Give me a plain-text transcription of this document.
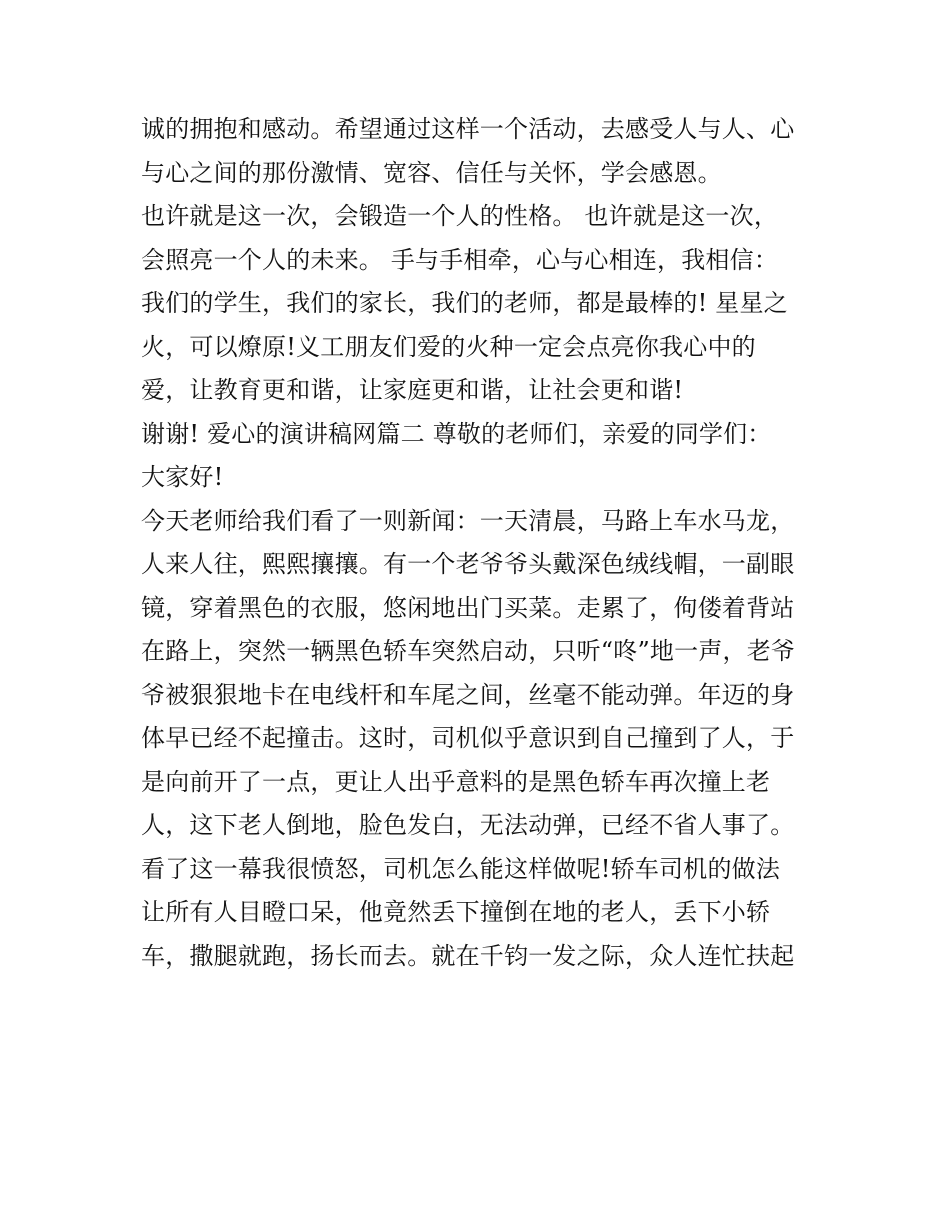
诚的拥抱和感动。希望通过这样一个活动，去感受人与人、心
与心之间的那份激情、宽容、信任与关怀，学会感恩。
也许就是这一次，会锻造一个人的性格。 也许就是这一次，
会照亮一个人的未来。 手与手相牵，心与心相连，我相信：
我们的学生，我们的家长，我们的老师，都是最棒的! 星星之
火，可以燎原!义工朋友们爱的火种一定会点亮你我心中的
爱，让教育更和谐，让家庭更和谐，让社会更和谐!
谢谢! 爱心的演讲稿网篇二 尊敬的老师们，亲爱的同学们：
大家好!
今天老师给我们看了一则新闻：一天清晨，马路上车水马龙，
人来人往，熙熙攘攘。有一个老爷爷头戴深色绒线帽，一副眼
镜，穿着黑色的衣服，悠闲地出门买菜。走累了，佝偻着背站
在路上，突然一辆黑色轿车突然启动，只听“咚”地一声，老爷
爷被狠狠地卡在电线杆和车尾之间，丝毫不能动弹。年迈的身
体早已经不起撞击。这时，司机似乎意识到自己撞到了人，于
是向前开了一点，更让人出乎意料的是黑色轿车再次撞上老
人，这下老人倒地，脸色发白，无法动弹，已经不省人事了。
看了这一幕我很愤怒，司机怎么能这样做呢!轿车司机的做法
让所有人目瞪口呆，他竟然丢下撞倒在地的老人，丢下小轿
车，撒腿就跑，扬长而去。就在千钧一发之际，众人连忙扶起
